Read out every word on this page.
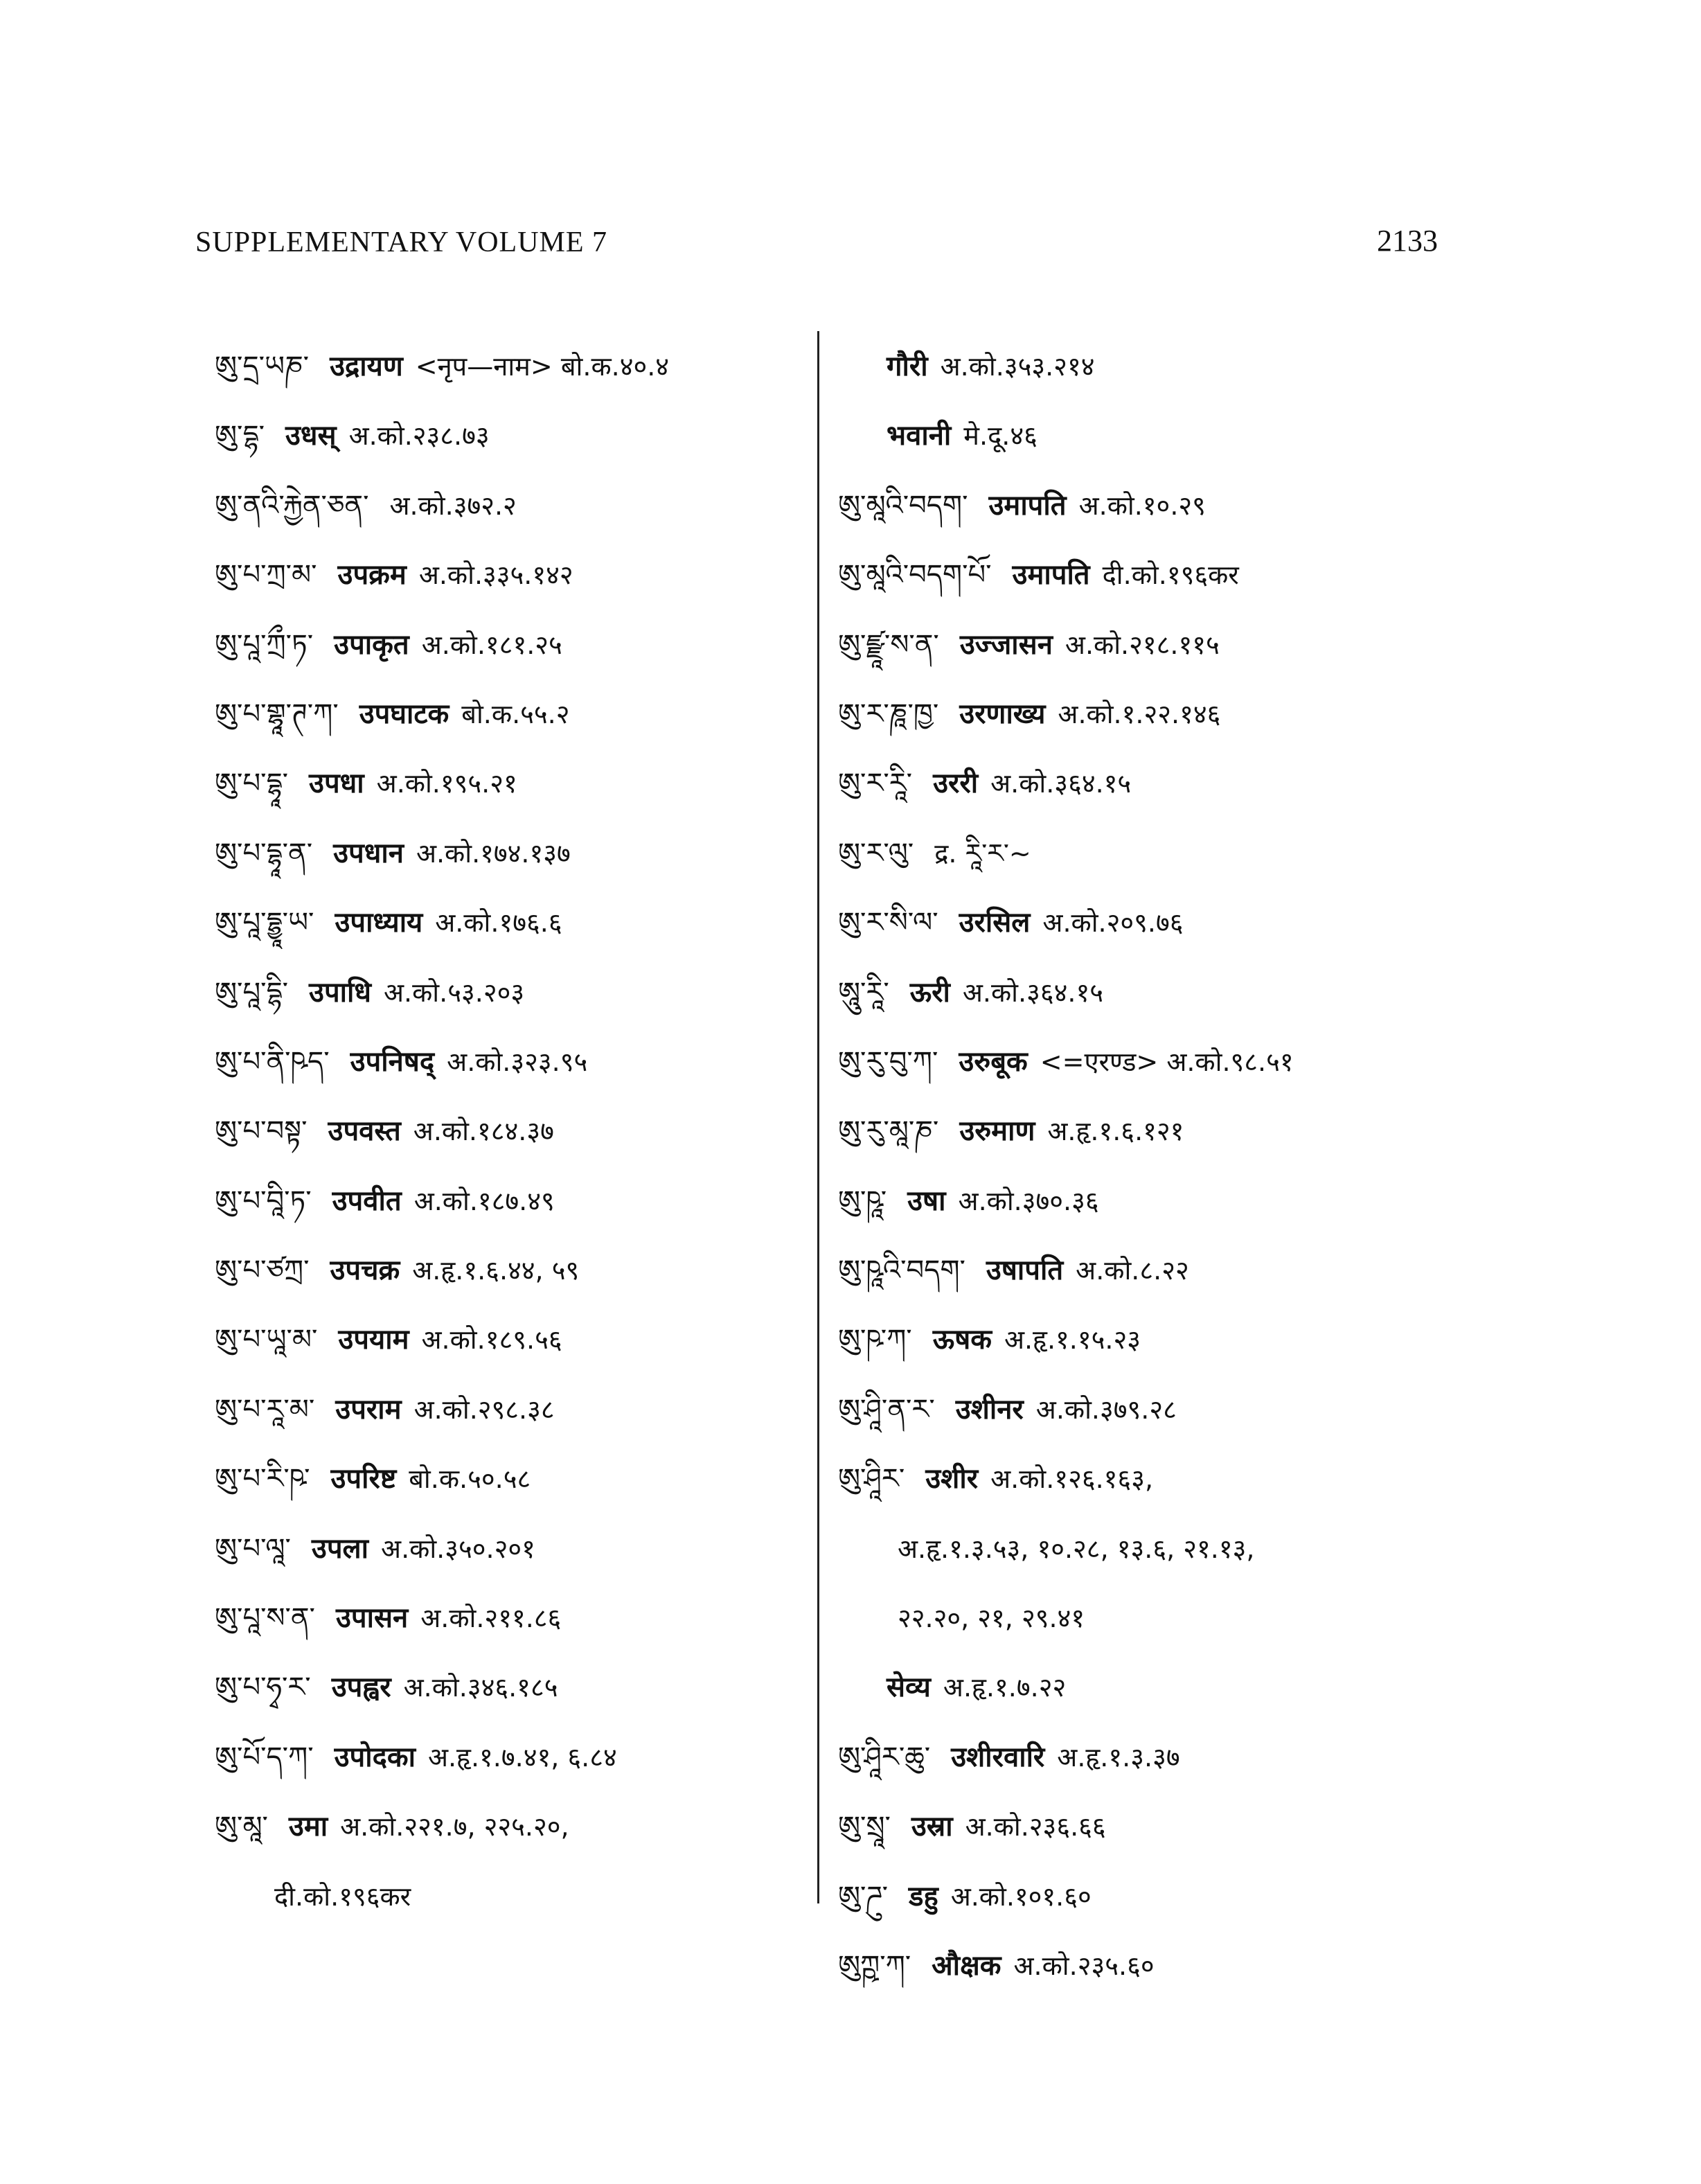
SUPPLEMENTARY VOLUME 7	2133
ཨུ་དྲ་ཡཎ་ उद्रायण <नृप—नाम> बो.क.४०.४
ཨུ་དྷ་ उधस् अ.को.२३८.७३
ཨུ་ནའི་རྐྱེན་ཅན་ अ.को.३७२.२
ཨུ་པ་ཀྲ་མ་ उपक्रम अ.को.३३५.१४२
ཨུ་པཱ་ཀྲྀ་ཏ་ उपाकृत अ.को.१८१.२५
ཨུ་པ་གྷཱ་ཊ་ཀ་ उपघाटक बो.क.५५.२
ཨུ་པ་དྷཱ་ उपधा अ.को.१९५.२१
ཨུ་པ་དྷཱ་ན་ उपधान अ.को.१७४.१३७
ཨུ་པཱ་དྷྱཱ་ཡ་ उपाध्याय अ.को.१७६.६
ཨུ་པཱ་དྷི་ उपाधि अ.को.५३.२०३
ཨུ་པ་ནི་ཥད་ उपनिषद् अ.को.३२३.९५
ཨུ་པ་བསྟ་ उपवस्त अ.को.१८४.३७
ཨུ་པ་བཱི་ཏ་ उपवीत अ.को.१८७.४९
ཨུ་པ་ཙཀྲ་ उपचक्र अ.हृ.१.६.४४, ५९
ཨུ་པ་ཡཱ་མ་ उपयाम अ.को.१८९.५६
ཨུ་པ་རཱ་མ་ उपराम अ.को.२९८.३८
ཨུ་པ་རི་ཥ་ उपरिष्ट बो.क.५०.५८
ཨུ་པ་ལཱ་ उपला अ.को.३५०.२०१
ཨུ་པཱ་ས་ན་ उपासन अ.को.२११.८६
ཨུ་པ་ཧྭ་ར་ उपह्वर अ.को.३४६.१८५
ཨུ་པོ་ད་ཀ་ उपोदका अ.हृ.१.७.४१, ६.८४
ཨུ་མཱ་ उमा अ.को.२२१.७, २२५.२०,
दी.को.१९६कर
गौरी अ.को.३५३.२१४
भवानी मे.दू.४६
ཨུ་མཱའི་བདག་ उमापति अ.को.१०.२९
ཨུ་མཱའི་བདག་པོ་ उमापति दी.को.१९६कर
ཨུ་ཛྫཱ་ས་ན་ उज्जासन अ.को.२१८.११५
ཨུ་ར་ཎཱ་ཁྱ་ उरणाख्य अ.को.१.२२.१४६
ཨུ་ར་རཱི་ उररी अ.को.३६४.१५
ཨུ་ར་ལུ་ द्र. རཱི་ར་~
ཨུ་ར་སི་ལ་ उरसिल अ.को.२०९.७६
ཨཱུ་རཱི་ ऊरी अ.को.३६४.१५
ཨུ་རུ་བུ་ཀ་ उरुबूक <=एरण्ड> अ.को.९८.५१
ཨུ་རུ་མཱ་ཎ་ उरुमाण अ.हृ.१.६.१२१
ཨུ་ཥཱ་ उषा अ.को.३७०.३६
ཨུ་ཥཱའི་བདག་ उषापति अ.को.८.२२
ཨུ་ཥ་ཀ་ ऊषक अ.हृ.१.१५.२३
ཨུ་ཤཱི་ན་ར་ उशीनर अ.को.३७९.२८
ཨུ་ཤཱིར་ उशीर अ.को.१२६.१६३,
अ.हृ.१.३.५३, १०.२८, १३.६, २१.१३,
२२.२०, २१, २९.४१
सेव्य अ.हृ.१.७.२२
ཨུ་ཤཱིར་ཆུ་ उशीरवारि अ.हृ.१.३.३७
ཨུ་སྲཱ་ उस्रा अ.को.२३६.६६
ཨུ་ཌུ་ डहु अ.को.१०१.६०
ཨུཀྵ་ཀ་ औक्षक अ.को.२३५.६०
